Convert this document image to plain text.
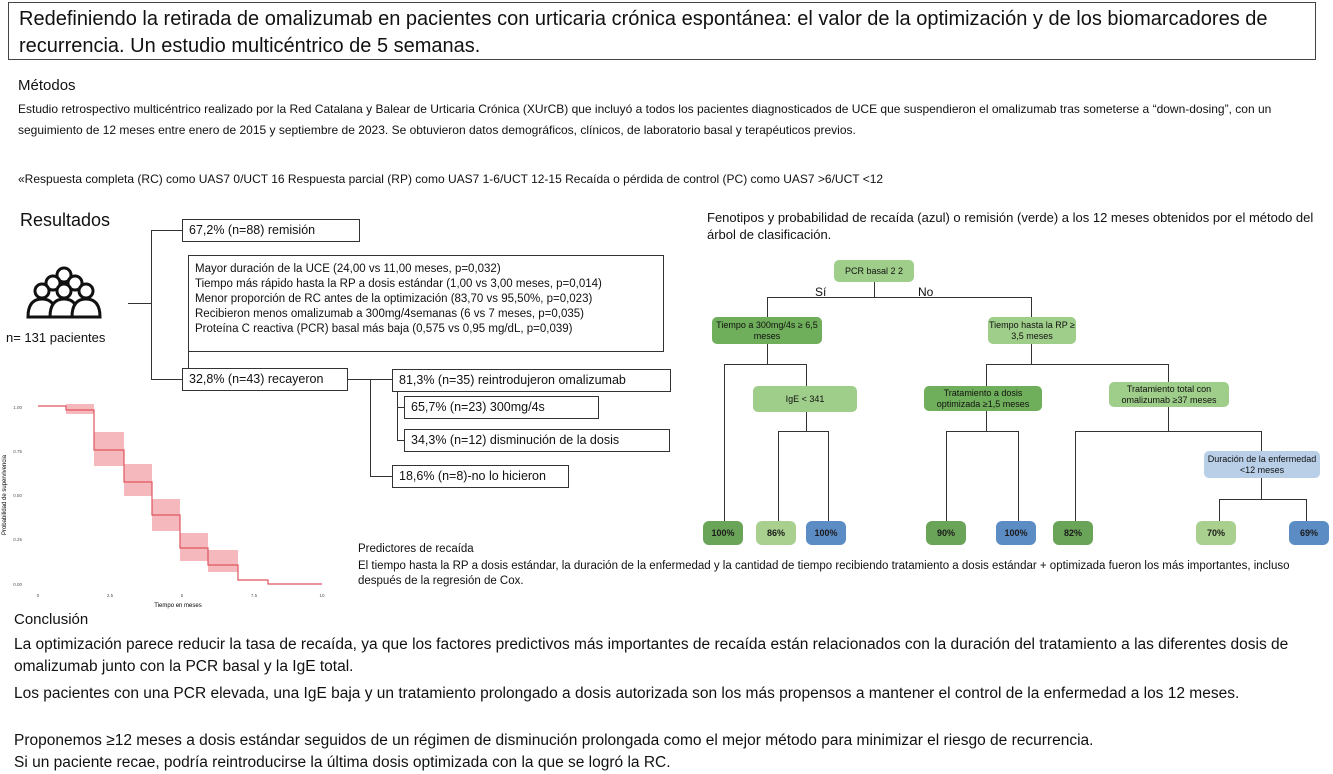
Redefiniendo la retirada de omalizumab en pacientes con urticaria crónica espontánea: el valor de la optimización y de los biomarcadores de recurrencia. Un estudio multicéntrico de 5 semanas.
Métodos
Estudio retrospectivo multicéntrico realizado por la Red Catalana y Balear de Urticaria Crónica (XUrCB) que incluyó a todos los pacientes diagnosticados de UCE que suspendieron el omalizumab tras someterse a “down-dosing”, con un seguimiento de 12 meses entre enero de 2015 y septiembre de 2023. Se obtuvieron datos demográficos, clínicos, de laboratorio basal y terapéuticos previos.
«Respuesta completa (RC) como UAS7 0/UCT 16 Respuesta parcial (RP) como UAS7 1-6/UCT 12-15 Recaída o pérdida de control (PC) como UAS7 >6/UCT <12
Resultados
n= 131 pacientes
67,2% (n=88) remisión
Mayor duración de la UCE (24,00 vs 11,00 meses, p=0,032)
Tiempo más rápido hasta la RP a dosis estándar (1,00 vs 3,00 meses, p=0,014)
Menor proporción de RC antes de la optimización (83,70 vs 95,50%, p=0,023)
Recibieron menos omalizumab a 300mg/4semanas (6 vs 7 meses, p=0,035)
Proteína C reactiva (PCR) basal más baja (0,575 vs 0,95 mg/dL, p=0,039)
32,8% (n=43) recayeron	81,3% (n=35) reintrodujeron omalizumab
65,7% (n=23) 300mg/4s
34,3% (n=12) disminución de la dosis
18,6% (n=8)-no lo hicieron
Probabilidad de supervivencia
1.00
0.75
0.50
0.25
0.00
0	2.5	5	7.5	10
Tiempo en meses
Fenotipos y probabilidad de recaída (azul) o remisión (verde) a los 12 meses obtenidos por el método del árbol de clasificación.
Sí	No
PCR basal 2 2
Tiempo a 300mg/4s ≥ 6,5 meses
Tiempo hasta la RP ≥ 3,5 meses
IgE < 341
Tratamiento a dosis optimizada ≥1,5 meses
Tratamiento total con omalizumab ≥37 meses
Duración de la enfermedad <12 meses
100%	86%	100%	90%	100%	82%	70%	69%
Predictores de recaída
El tiempo hasta la RP a dosis estándar, la duración de la enfermedad y la cantidad de tiempo recibiendo tratamiento a dosis estándar + optimizada fueron los más importantes, incluso después de la regresión de Cox.
Conclusión
La optimización parece reducir la tasa de recaída, ya que los factores predictivos más importantes de recaída están relacionados con la duración del tratamiento a las diferentes dosis de omalizumab junto con la PCR basal y la IgE total.
Los pacientes con una PCR elevada, una IgE baja y un tratamiento prolongado a dosis autorizada son los más propensos a mantener el control de la enfermedad a los 12 meses.
Proponemos ≥12 meses a dosis estándar seguidos de un régimen de disminución prolongada como el mejor método para minimizar el riesgo de recurrencia.
Si un paciente recae, podría reintroducirse la última dosis optimizada con la que se logró la RC.
